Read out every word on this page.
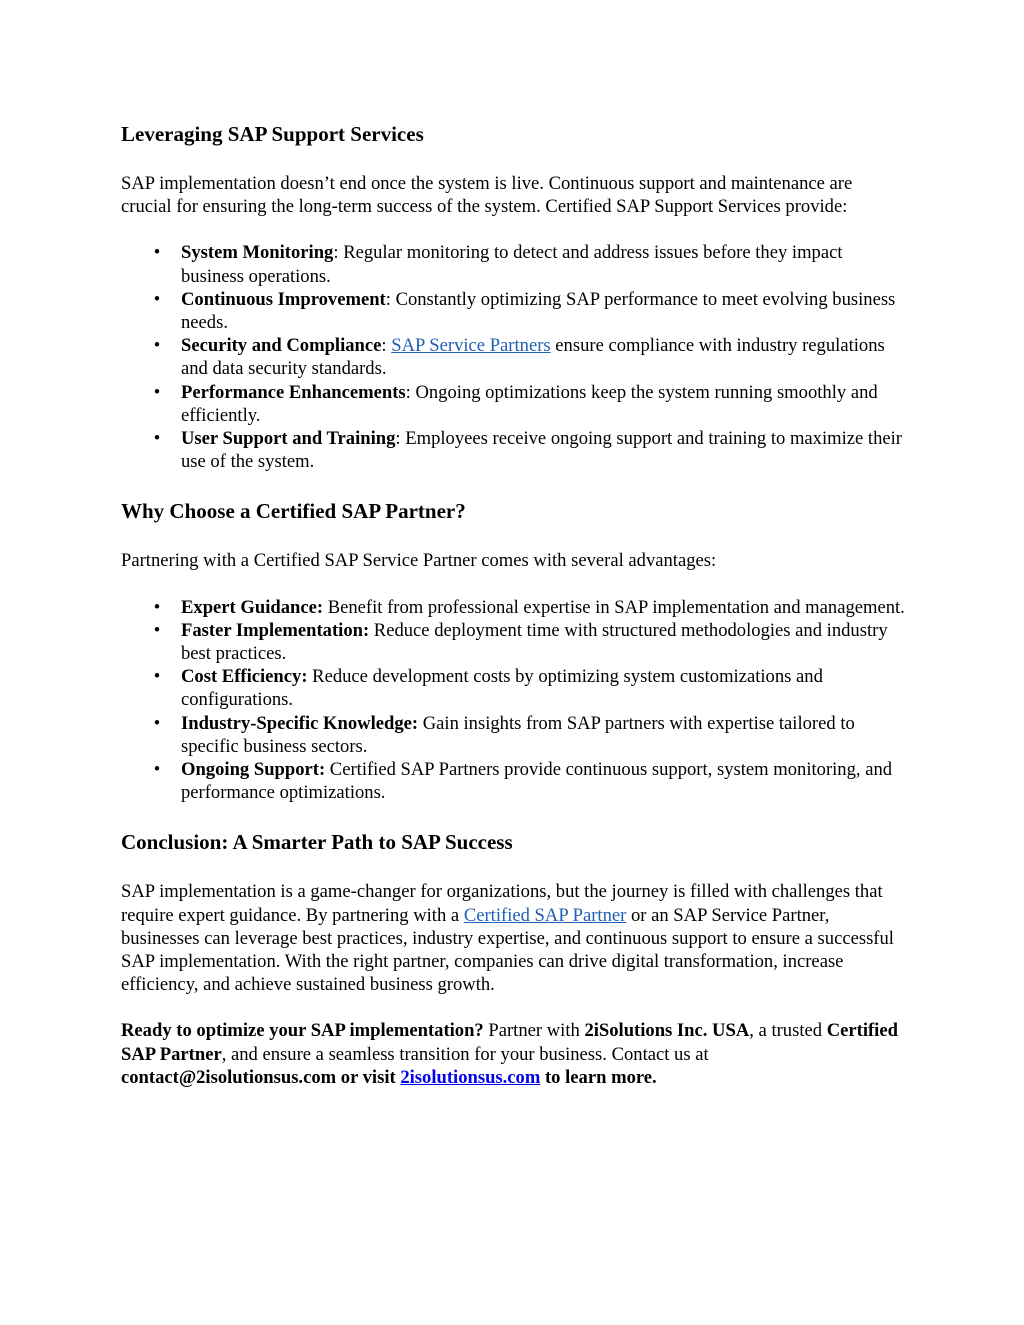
Leveraging SAP Support Services

SAP implementation doesn’t end once the system is live. Continuous support and maintenance are crucial for ensuring the long-term success of the system. Certified SAP Support Services provide:

• System Monitoring: Regular monitoring to detect and address issues before they impact business operations.
• Continuous Improvement: Constantly optimizing SAP performance to meet evolving business needs.
• Security and Compliance: SAP Service Partners ensure compliance with industry regulations and data security standards.
• Performance Enhancements: Ongoing optimizations keep the system running smoothly and efficiently.
• User Support and Training: Employees receive ongoing support and training to maximize their use of the system.
Why Choose a Certified SAP Partner?

Partnering with a Certified SAP Service Partner comes with several advantages:

• Expert Guidance: Benefit from professional expertise in SAP implementation and management.
• Faster Implementation: Reduce deployment time with structured methodologies and industry best practices.
• Cost Efficiency: Reduce development costs by optimizing system customizations and configurations.
• Industry-Specific Knowledge: Gain insights from SAP partners with expertise tailored to specific business sectors.
• Ongoing Support: Certified SAP Partners provide continuous support, system monitoring, and performance optimizations.
Conclusion: A Smarter Path to SAP Success

SAP implementation is a game-changer for organizations, but the journey is filled with challenges that require expert guidance. By partnering with a Certified SAP Partner or an SAP Service Partner, businesses can leverage best practices, industry expertise, and continuous support to ensure a successful SAP implementation. With the right partner, companies can drive digital transformation, increase efficiency, and achieve sustained business growth.

Ready to optimize your SAP implementation? Partner with 2iSolutions Inc. USA, a trusted Certified SAP Partner, and ensure a seamless transition for your business. Contact us at contact@2isolutionsus.com or visit 2isolutionsus.com to learn more.
